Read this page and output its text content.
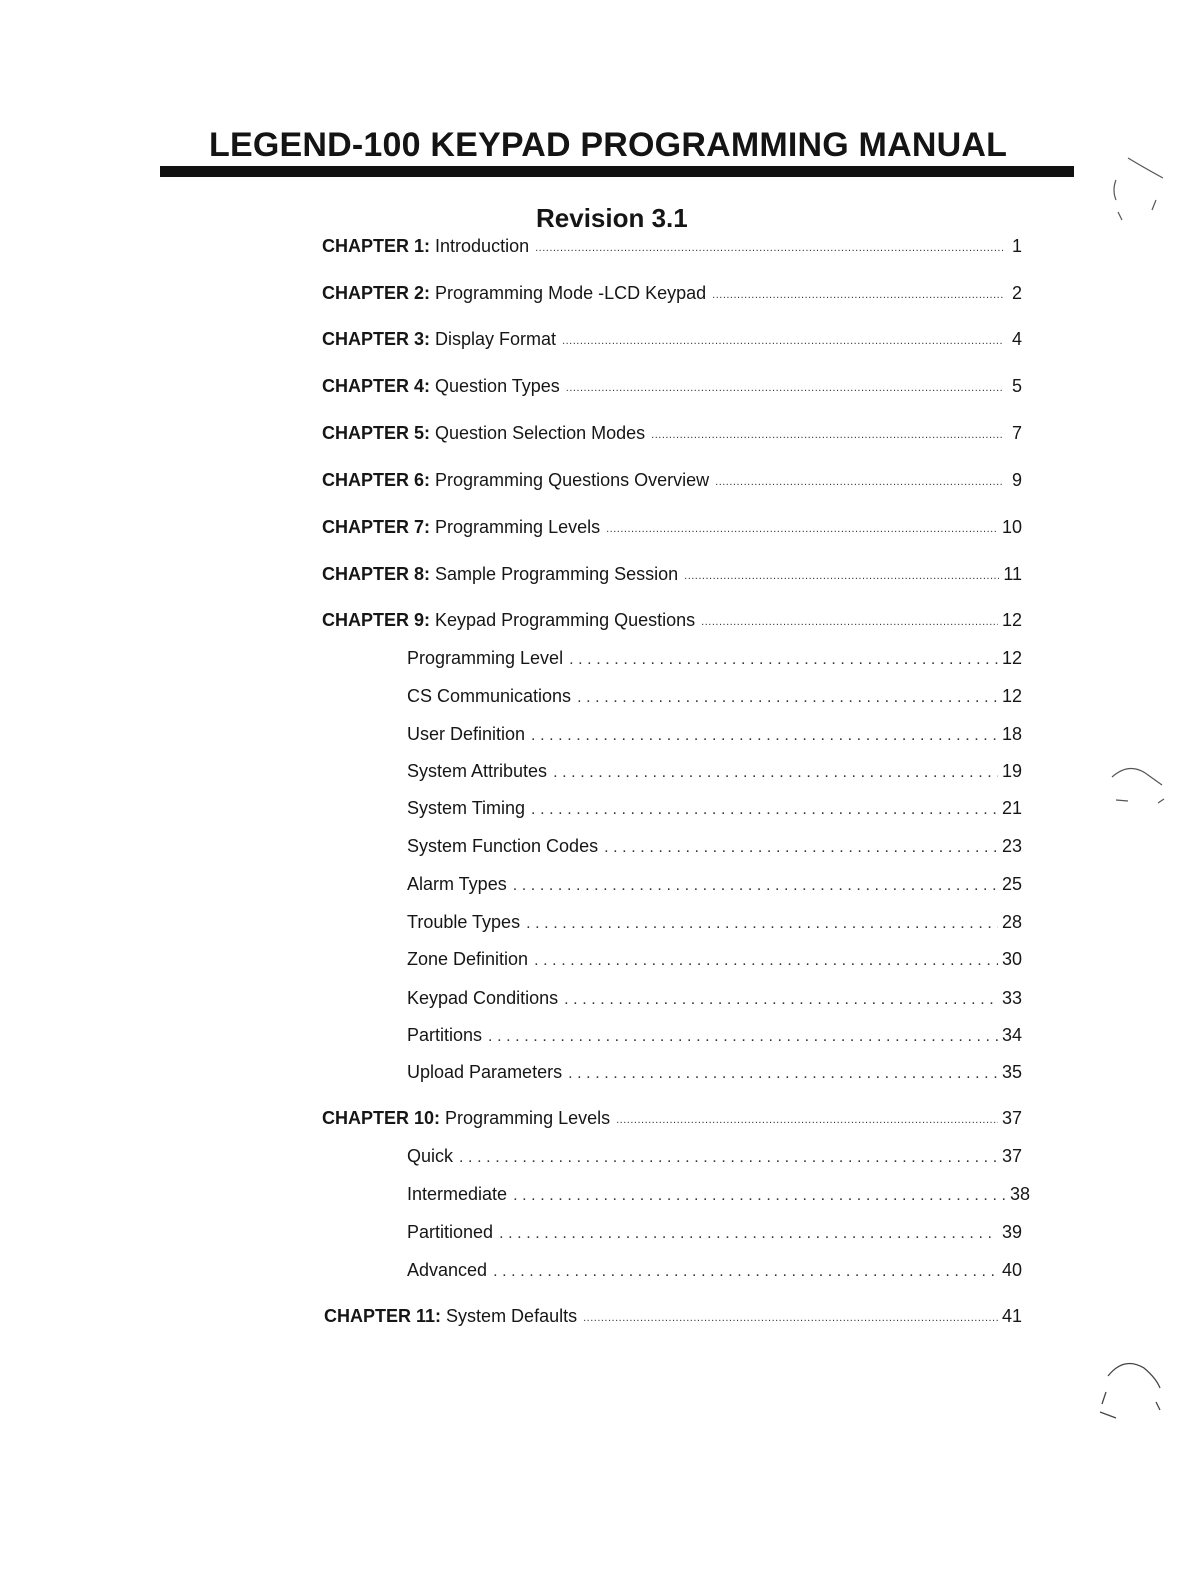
LEGEND-100 KEYPAD PROGRAMMING MANUAL
Revision 3.1
CHAPTER 1: Introduction .....	1
CHAPTER 2: Programming Mode -LCD Keypad .....	2
CHAPTER 3: Display Format .....	4
CHAPTER 4: Question Types .....	5
CHAPTER 5: Question Selection Modes .....	7
CHAPTER 6: Programming Questions Overview .....	9
CHAPTER 7: Programming Levels .....	10
CHAPTER 8: Sample Programming Session .....	11
CHAPTER 9: Keypad Programming Questions .....	12
Programming Level .....	12
CS Communications .....	12
User Definition .....	18
System Attributes .....	19
System Timing .....	21
System Function Codes .....	23
Alarm Types .....	25
Trouble Types .....	28
Zone Definition .....	30
Keypad Conditions .....	33
Partitions .....	34
Upload Parameters .....	35
CHAPTER 10: Programming Levels .....	37
Quick .....	37
Intermediate .....	38
Partitioned .....	39
Advanced .....	40
CHAPTER 11: System Defaults .....	41
